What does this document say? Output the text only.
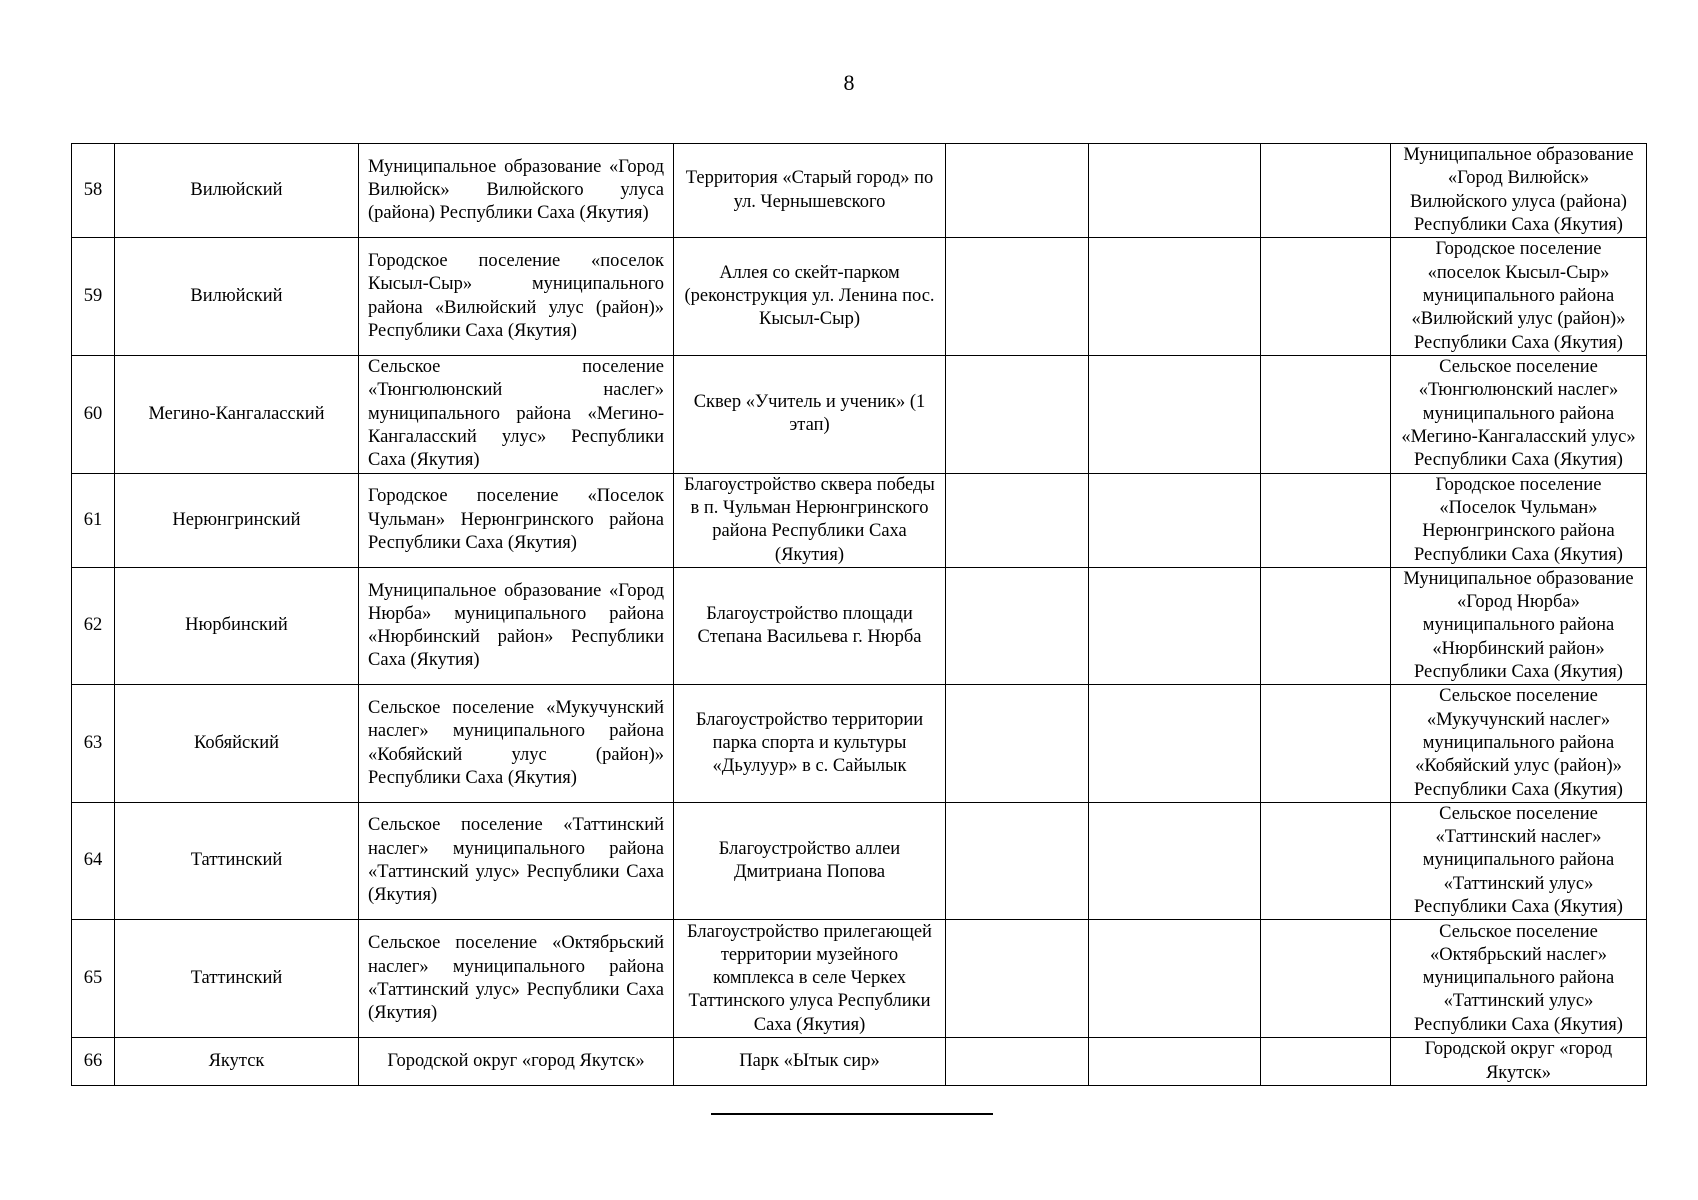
8
58	Вилюйский	Муниципальное образование «Город Вилюйск» Вилюйского улуса (района) Республики Саха (Якутия)	Территория «Старый город» по ул. Чернышевского				Муниципальное образование «Город Вилюйск» Вилюйского улуса (района) Республики Саха (Якутия)
59	Вилюйский	Городское поселение «поселок Кысыл-Сыр» муниципального района «Вилюйский улус (район)» Республики Саха (Якутия)	Аллея со скейт-парком (реконструкция ул. Ленина пос. Кысыл-Сыр)				Городское поселение «поселок Кысыл-Сыр» муниципального района «Вилюйский улус (район)» Республики Саха (Якутия)
60	Мегино-Кангаласский	Сельское поселение «Тюнгюлюнский наслег» муниципального района «Мегино-Кангаласский улус» Республики Саха (Якутия)	Сквер «Учитель и ученик» (1 этап)				Сельское поселение «Тюнгюлюнский наслег» муниципального района «Мегино-Кангаласский улус» Республики Саха (Якутия)
61	Нерюнгринский	Городское поселение «Поселок Чульман» Нерюнгринского района Республики Саха (Якутия)	Благоустройство сквера победы в п. Чульман Нерюнгринского района Республики Саха (Якутия)				Городское поселение «Поселок Чульман» Нерюнгринского района Республики Саха (Якутия)
62	Нюрбинский	Муниципальное образование «Город Нюрба» муниципального района «Нюрбинский район» Республики Саха (Якутия)	Благоустройство площади Степана Васильева г. Нюрба				Муниципальное образование «Город Нюрба» муниципального района «Нюрбинский район» Республики Саха (Якутия)
63	Кобяйский	Сельское поселение «Мукучунский наслег» муниципального района «Кобяйский улус (район)» Республики Саха (Якутия)	Благоустройство территории парка спорта и культуры «Дьулуур» в с. Сайылык				Сельское поселение «Мукучунский наслег» муниципального района «Кобяйский улус (район)» Республики Саха (Якутия)
64	Таттинский	Сельское поселение «Таттинский наслег» муниципального района «Таттинский улус» Республики Саха (Якутия)	Благоустройство аллеи Дмитриана Попова				Сельское поселение «Таттинский наслег» муниципального района «Таттинский улус» Республики Саха (Якутия)
65	Таттинский	Сельское поселение «Октябрьский наслег» муниципального района «Таттинский улус» Республики Саха (Якутия)	Благоустройство прилегающей территории музейного комплекса в селе Черкех Таттинского улуса Республики Саха (Якутия)				Сельское поселение «Октябрьский наслег» муниципального района «Таттинский улус» Республики Саха (Якутия)
66	Якутск	Городской округ «город Якутск»	Парк «Ытык сир»				Городской округ «город Якутск»
